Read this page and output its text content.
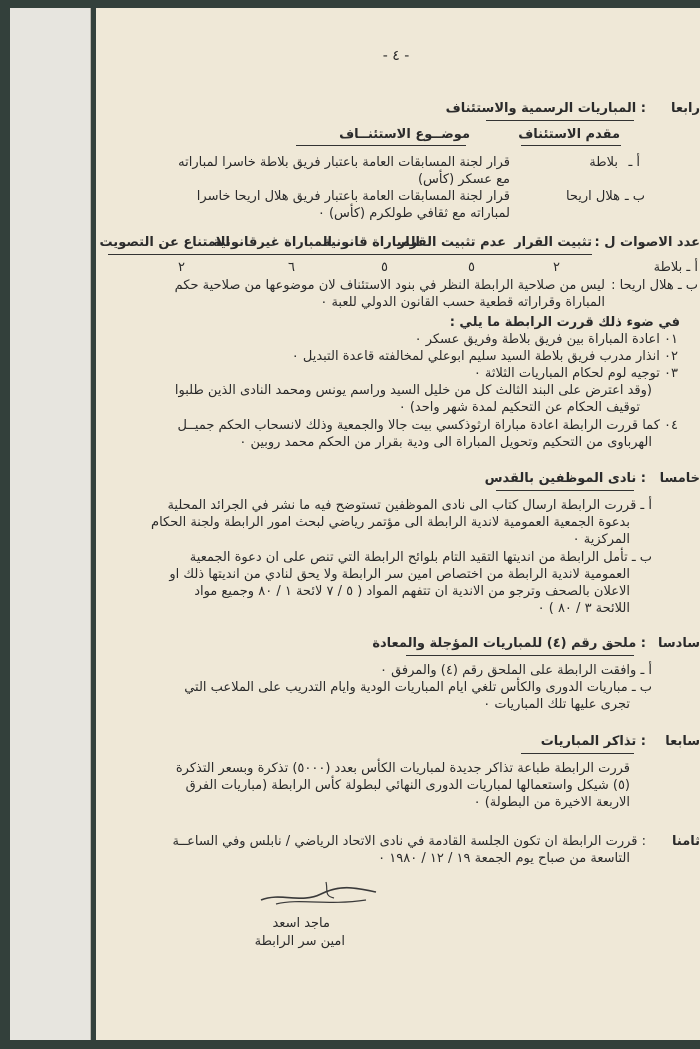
- ٤ -
رابعا
: المباريات الرسمية والاستئناف
مقدم الاستئناف
موضــوع الاستئنــاف
أ ـ
بلاطة
قرار لجنة المسابقات العامة باعتبار فريق بلاطة خاسرا لمباراته
مع عسكر (كأس)
ب ـ
هلال اريحا
قرار لجنة المسابقات العامة باعتبار فريق هلال اريحا خاسرا
لمباراته مع ثقافي طولكرم (كأس) ٠
عدد الاصوات ل :
تثبيت القرار
عدم تثبيت القرار
المباراة قانونية
المباراة غيرقانونية
الامتناع عن التصويت
أ ـ بلاطة
٢
٥
٥
٦
٢
ب ـ هلال اريحا :
ليس من صلاحية الرابطة النظر في بنود الاستئناف لان موضوعها من صلاحية حكم
المباراة وقراراته قطعية حسب القانون الدولي للعبة ٠
في ضوء ذلك قررت الرابطة ما يلي :
٠١ اعادة المباراة بين فريق بلاطة وفريق عسكر ٠
٠٢ انذار مدرب فريق بلاطة السيد سليم ابوعلي لمخالفته قاعدة التبديل ٠
٠٣ توجيه لوم لحكام المباريات الثلاثة ٠
(وقد اعترض على البند الثالث كل من خليل السيد وراسم يونس ومحمد النادى الذين طلبوا
توقيف الحكام عن التحكيم لمدة شهر واحد) ٠
٠٤ كما قررت الرابطة اعادة مباراة ارثوذكسي بيت جالا والجمعية وذلك لانسحاب الحكم جميــل
الهرباوى من التحكيم وتحويل المباراة الى ودية بقرار من الحكم محمد روبين ٠
خامسا
: نادى الموظفين بالقدس
أ ـ قررت الرابطة ارسال كتاب الى نادى الموظفين تستوضح فيه ما نشر في الجرائد المحلية
بدعوة الجمعية العمومية لاندية الرابطة الى مؤتمر رياضي لبحث امور الرابطة ولجنة الحكام
المركزية ٠
ب ـ تأمل الرابطة من انديتها التقيد التام بلوائح الرابطة التي تنص على ان دعوة الجمعية
العمومية لاندية الرابطة من اختصاص امين سر الرابطة ولا يحق لنادي من انديتها ذلك او
الاعلان بالصحف وترجو من الاندية ان تتفهم المواد ( ٥ / ٧ لائحة ١ / ٨٠ وجميع مواد
اللائحة ٣ / ٨٠ ) ٠
سادسا
: ملحق رقم (٤) للمباريات المؤجلة والمعادة
أ ـ وافقت الرابطة على الملحق رقم (٤) والمرفق ٠
ب ـ مباريات الدورى والكأس تلغي ايام المباريات الودية وايام التدريب على الملاعب التي
تجرى عليها تلك المباريات ٠
سابعا
: تذاكر المباريات
قررت الرابطة طباعة تذاكر جديدة لمباريات الكأس بعدد (٥٠٠٠) تذكرة وبسعر التذكرة
(٥) شيكل واستعمالها لمباريات الدورى النهائي لبطولة كأس الرابطة (مباريات الفرق
الاربعة الاخيرة من البطولة) ٠
ثامنا
: قررت الرابطة ان تكون الجلسة القادمة في نادى الاتحاد الرياضي / نابلس وفي الساعــة
التاسعة من صباح يوم الجمعة ١٩ / ١٢ / ١٩٨٠ ٠
ماجد اسعد
امين سر الرابطة
